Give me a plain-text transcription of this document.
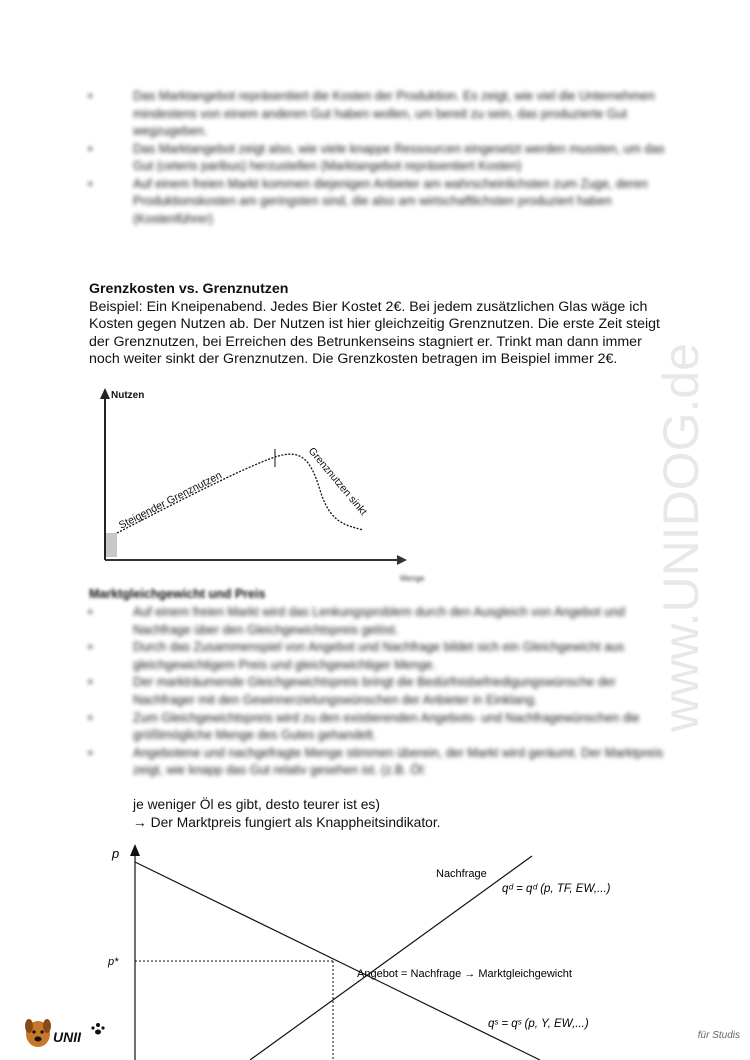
•	Das Marktangebot repräsentiert die Kosten der Produktion. Es zeigt, wie viel die Unternehmen mindestens von einem anderen Gut haben wollen, um bereit zu sein, das produzierte Gut wegzugeben.
•	Das Marktangebot zeigt also, wie viele knappe Ressourcen eingesetzt werden mussten, um das Gut (ceteris paribus) herzustellen (Marktangebot repräsentiert Kosten)
•	Auf einem freien Markt kommen diejenigen Anbieter am wahrscheinlichsten zum Zuge, deren Produktionskosten am geringsten sind, die also am wirtschaftlichsten produziert haben (Kostenführer)
Grenzkosten vs. Grenznutzen
Beispiel: Ein Kneipenabend. Jedes Bier Kostet 2€. Bei jedem zusätzlichen Glas wäge ich Kosten gegen Nutzen ab. Der Nutzen ist hier gleichzeitig Grenznutzen. Die erste Zeit steigt der Grenznutzen, bei Erreichen des Betrunkenseins stagniert er. Trinkt man dann immer noch weiter sinkt der Grenznutzen. Die Grenzkosten betragen im Beispiel immer 2€.
Nutzen
Menge
Steigender Grenznutzen	Grenznutzen sinkt
Marktgleichgewicht und Preis
•	Auf einem freien Markt wird das Lenkungsproblem durch den Ausgleich von Angebot und Nachfrage über den Gleichgewichtspreis gelöst.
•	Durch das Zusammenspiel von Angebot und Nachfrage bildet sich ein Gleichgewicht aus gleichgewichtigem Preis und gleichgewichtiger Menge.
•	Der markträumende Gleichgewichtspreis bringt die Bedürfnisbefriedigungswünsche der Nachfrager mit den Gewinnerzielungswünschen der Anbieter in Einklang.
•	Zum Gleichgewichtspreis wird zu den existierenden Angebots- und Nachfragewünschen die größtmögliche Menge des Gutes gehandelt.
•	Angebotene und nachgefragte Menge stimmen überein, der Markt wird geräumt. Der Marktpreis zeigt, wie knapp das Gut relativ gesehen ist. (z.B. Öl:
je weniger Öl es gibt, desto teurer ist es)
→ Der Marktpreis fungiert als Knappheitsindikator.
p
p*
Nachfrage
qᵈ = qᵈ (p, TF, EW,...)
Angebot = Nachfrage → Marktgleichgewicht
qˢ = qˢ (p, Y, EW,...)
www.UNIDOG.de
UNII	für Studis
